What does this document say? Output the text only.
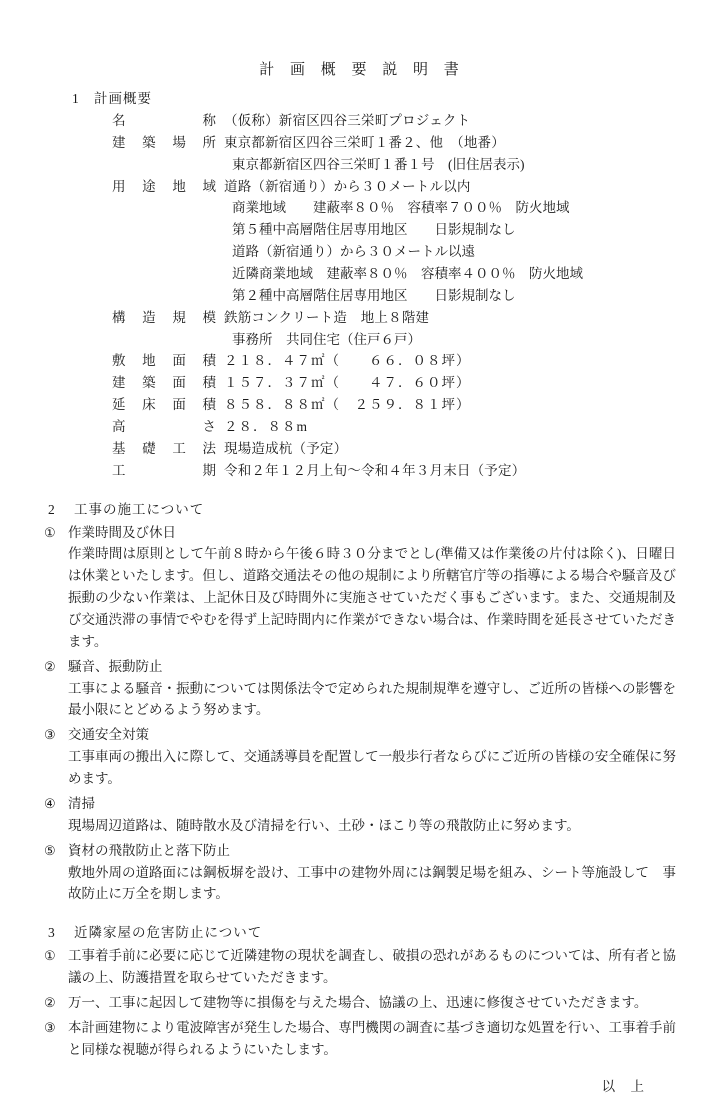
計 画 概 要 説 明 書
1	計画概要
名　称 （仮称）新宿区四谷三栄町プロジェクト
建築場所 東京都新宿区四谷三栄町１番２、他　（地番）
東京都新宿区四谷三栄町１番１号　(旧住居表示)
用途地域 道路（新宿通り）から３０メートル以内
商業地域　　建蔽率８０％　容積率７００％　防火地域
第５種中高層階住居専用地区　　日影規制なし
道路（新宿通り）から３０メートル以遠
近隣商業地域　建蔽率８０％　容積率４００％　防火地域
第２種中高層階住居専用地区　　日影規制なし
構造規模 鉄筋コンクリート造　地上８階建
事務所　共同住宅（住戸６戸）
敷地面積 ２１８．４７㎡（　　６６．０８坪）
建築面積 １５７．３７㎡（　　４７．６０坪）
延床面積 ８５８．８８㎡（　２５９．８１坪）
高　さ ２８．８８m
基礎工法 現場造成杭（予定）
工　期 令和２年１２月上旬〜令和４年３月末日（予定）
2	工事の施工について
① 作業時間及び休日
作業時間は原則として午前８時から午後６時３０分までとし(準備又は作業後の片付は除く)、日曜日は休業といたします。但し、道路交通法その他の規制により所轄官庁等の指導による場合や騒音及び振動の少ない作業は、上記休日及び時間外に実施させていただく事もございます。また、交通規制及び交通渋滞の事情でやむを得ず上記時間内に作業ができない場合は、作業時間を延長させていただきます。
② 騒音、振動防止
工事による騒音・振動については関係法令で定められた規制規準を遵守し、ご近所の皆様への影響を最小限にとどめるよう努めます。
③ 交通安全対策
工事車両の搬出入に際して、交通誘導員を配置して一般歩行者ならびにご近所の皆様の安全確保に努めます。
④ 清掃
現場周辺道路は、随時散水及び清掃を行い、土砂・ほこり等の飛散防止に努めます。
⑤ 資材の飛散防止と落下防止
敷地外周の道路面には鋼板塀を設け、工事中の建物外周には鋼製足場を組み、シート等施設して　事故防止に万全を期します。
3	近隣家屋の危害防止について
① 工事着手前に必要に応じて近隣建物の現状を調査し、破損の恐れがあるものについては、所有者と協議の上、防護措置を取らせていただきます。
② 万一、工事に起因して建物等に損傷を与えた場合、協議の上、迅速に修復させていただきます。
③ 本計画建物により電波障害が発生した場合、専門機関の調査に基づき適切な処置を行い、工事着手前と同様な視聴が得られるようにいたします。
以 上
